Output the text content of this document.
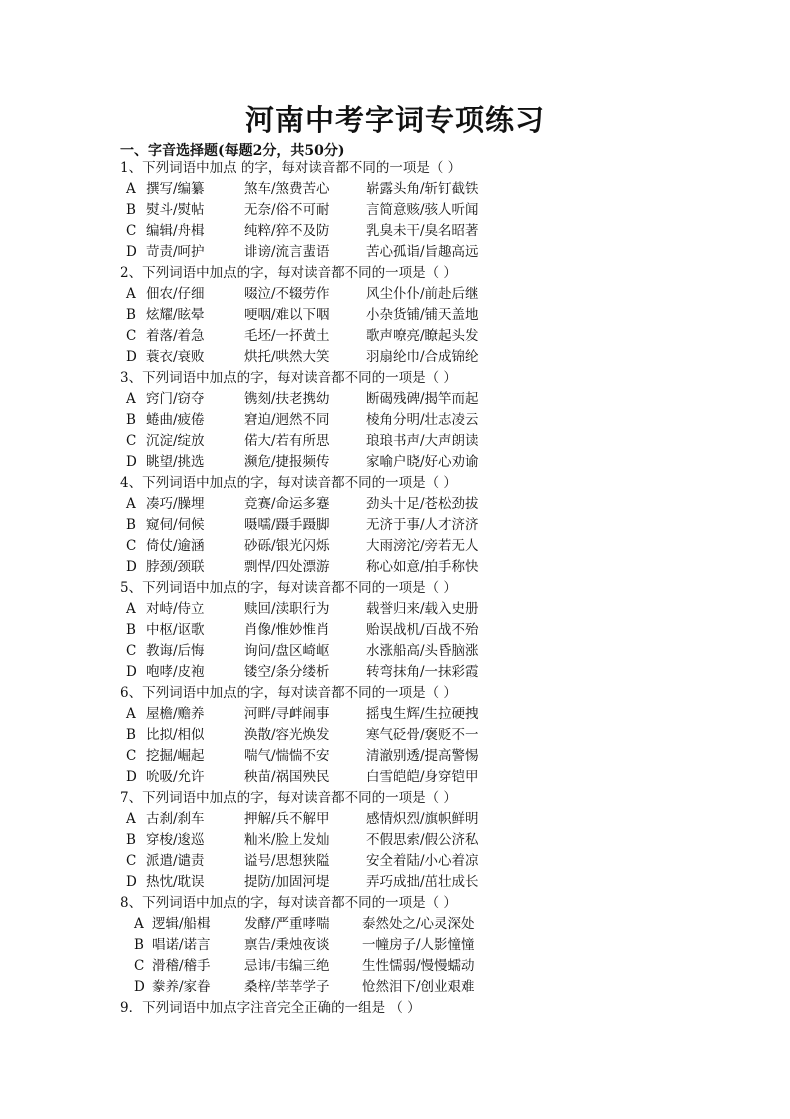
河南中考字词专项练习
一、字音选择题(每题2分，共50分)
1、下列词语中加点 的字，每对读音都不同的一项是（ ）
A 撰写/编纂	煞车/煞费苦心	崭露头角/斩钉截铁
B 熨斗/熨帖	无奈/俗不可耐	言简意赅/骇人听闻
C 编辑/舟楫	纯粹/猝不及防	乳臭未干/臭名昭著
D 苛责/呵护	诽谤/流言蜚语	苦心孤诣/旨趣高远
2、下列词语中加点的字，每对读音都不同的一项是（ ）
A 佃农/仔细	啜泣/不辍劳作	风尘仆仆/前赴后继
B 炫耀/眩晕	哽咽/难以下咽	小杂货铺/铺天盖地
C 着落/着急	毛坯/一抔黄土	歌声嘹亮/瞭起头发
D 蓑衣/衰败	烘托/哄然大笑	羽扇纶巾/合成锦纶
3、下列词语中加点的字，每对读音都不同的一项是（ ）
A 窍门/窃夺	镌刻/扶老携幼	断碣残碑/揭竿而起
B 蜷曲/疲倦	窘迫/迥然不同	棱角分明/壮志凌云
C 沉淀/绽放	偌大/若有所思	琅琅书声/大声朗读
D 眺望/挑选	濒危/捷报频传	家喻户晓/好心劝谕
4、下列词语中加点的字，每对读音都不同的一项是（ ）
A 凑巧/臊埋	竞赛/命运多蹇	劲头十足/苍松劲拔
B 窥伺/伺候	嗫嚅/蹑手蹑脚	无济于事/人才济济
C 倚仗/逾涵	砂砾/银光闪烁	大雨滂沱/旁若无人
D 脖颈/颈联	剽悍/四处漂游	称心如意/拍手称快
5、下列词语中加点的字，每对读音都不同的一项是（ ）
A 对峙/侍立	赎回/渎职行为	载誉归来/载入史册
B 中枢/讴歌	肖像/惟妙惟肖	贻误战机/百战不殆
C 教诲/后悔	询问/盘区崎岖	水涨船高/头昏脑涨
D 咆哮/皮袍	镂空/条分缕析	转弯抹角/一抹彩霞
6、下列词语中加点的字，每对读音都不同的一项是（ ）
A 屋檐/赡养	河畔/寻衅闹事	摇曳生辉/生拉硬拽
B 比拟/相似	涣散/容光焕发	寒气砭骨/褒贬不一
C 挖掘/崛起	喘气/惴惴不安	清澈别透/提高警惕
D 吮吸/允许	秧苗/祸国殃民	白雪皑皑/身穿铠甲
7、下列词语中加点的字，每对读音都不同的一项是（ ）
A 古刹/刹车	押解/兵不解甲	感情炽烈/旗帜鲜明
B 穿梭/逡巡	籼米/脸上发灿	不假思索/假公济私
C 派遣/谴责	谥号/思想狭隘	安全着陆/小心着凉
D 热忱/耽误	提防/加固河堤	弄巧成拙/茁壮成长
8、下列词语中加点的字，每对读音都不同的一项是（ ）
A 逻辑/船楫 发酵/严重哮喘 泰然处之/心灵深处
B 唱诺/诺言 禀告/秉烛夜谈 一幢房子/人影憧憧
C 滑稽/稽手 忌讳/韦编三绝 生性懦弱/慢慢蠕动
D 豢养/家眷 桑梓/莘莘学子 怆然泪下/创业艰难
9．下列词语中加点字注音完全正确的一组是 （ ）
